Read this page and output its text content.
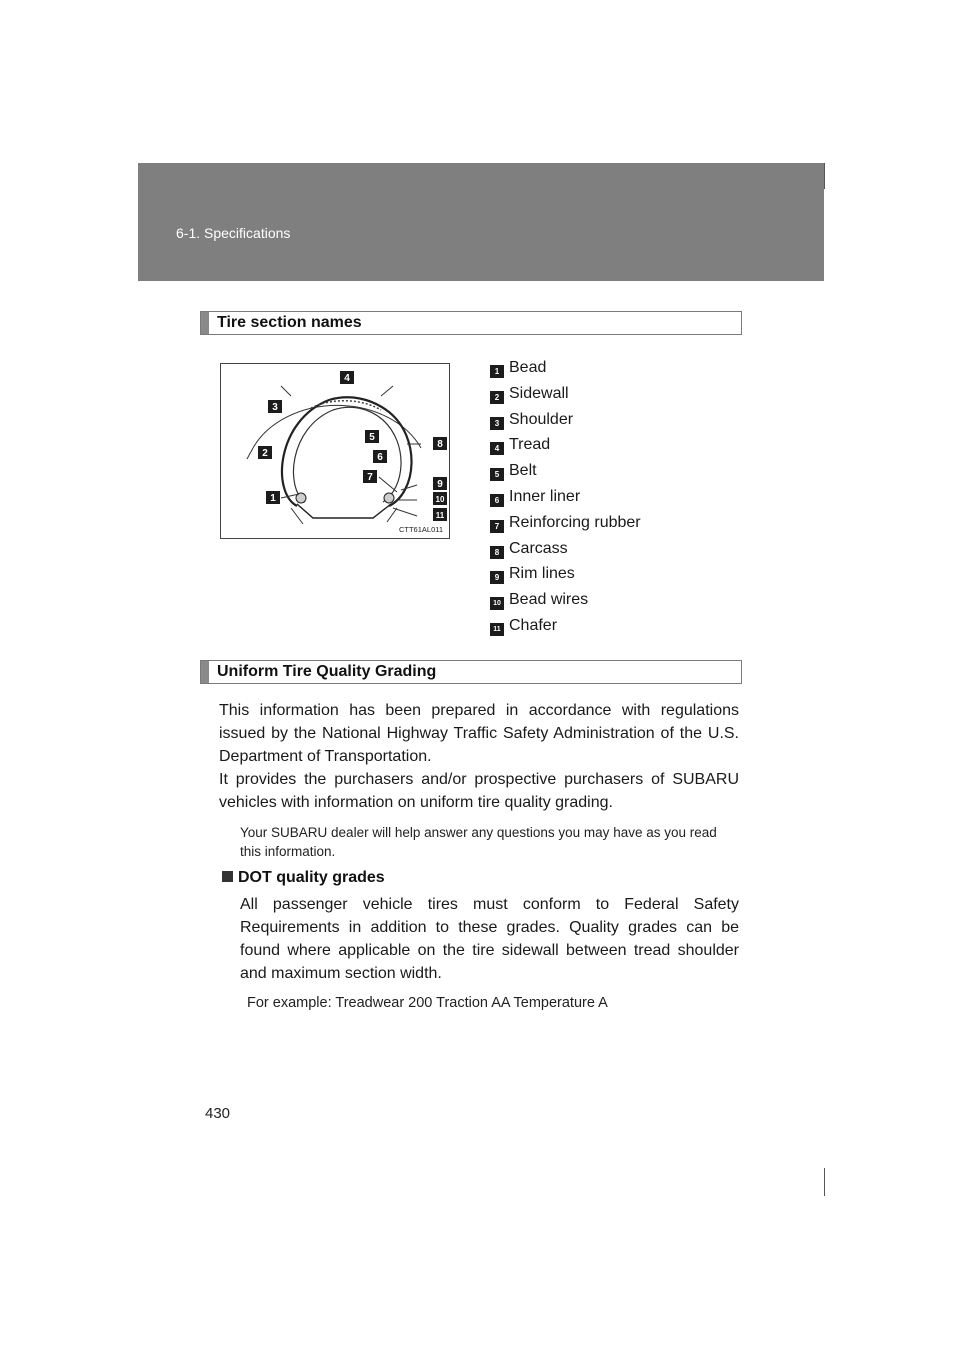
6-1. Specifications
Tire section names
1
2
3
4
5
6
7
8
9
10
11
CTT61AL011
1 Bead
2 Sidewall
3 Shoulder
4 Tread
5 Belt
6 Inner liner
7 Reinforcing rubber
8 Carcass
9 Rim lines
10 Bead wires
11 Chafer
Uniform Tire Quality Grading
This information has been prepared in accordance with regulations issued by the National Highway Traffic Safety Administration of the U.S. Department of Transportation.
It provides the purchasers and/or prospective purchasers of SUBARU vehicles with information on uniform tire quality grading.
Your SUBARU dealer will help answer any questions you may have as you read this information.
DOT quality grades
All passenger vehicle tires must conform to Federal Safety Requirements in addition to these grades. Quality grades can be found where applicable on the tire sidewall between tread shoulder and maximum section width.
For example: Treadwear 200 Traction AA Temperature A
430
